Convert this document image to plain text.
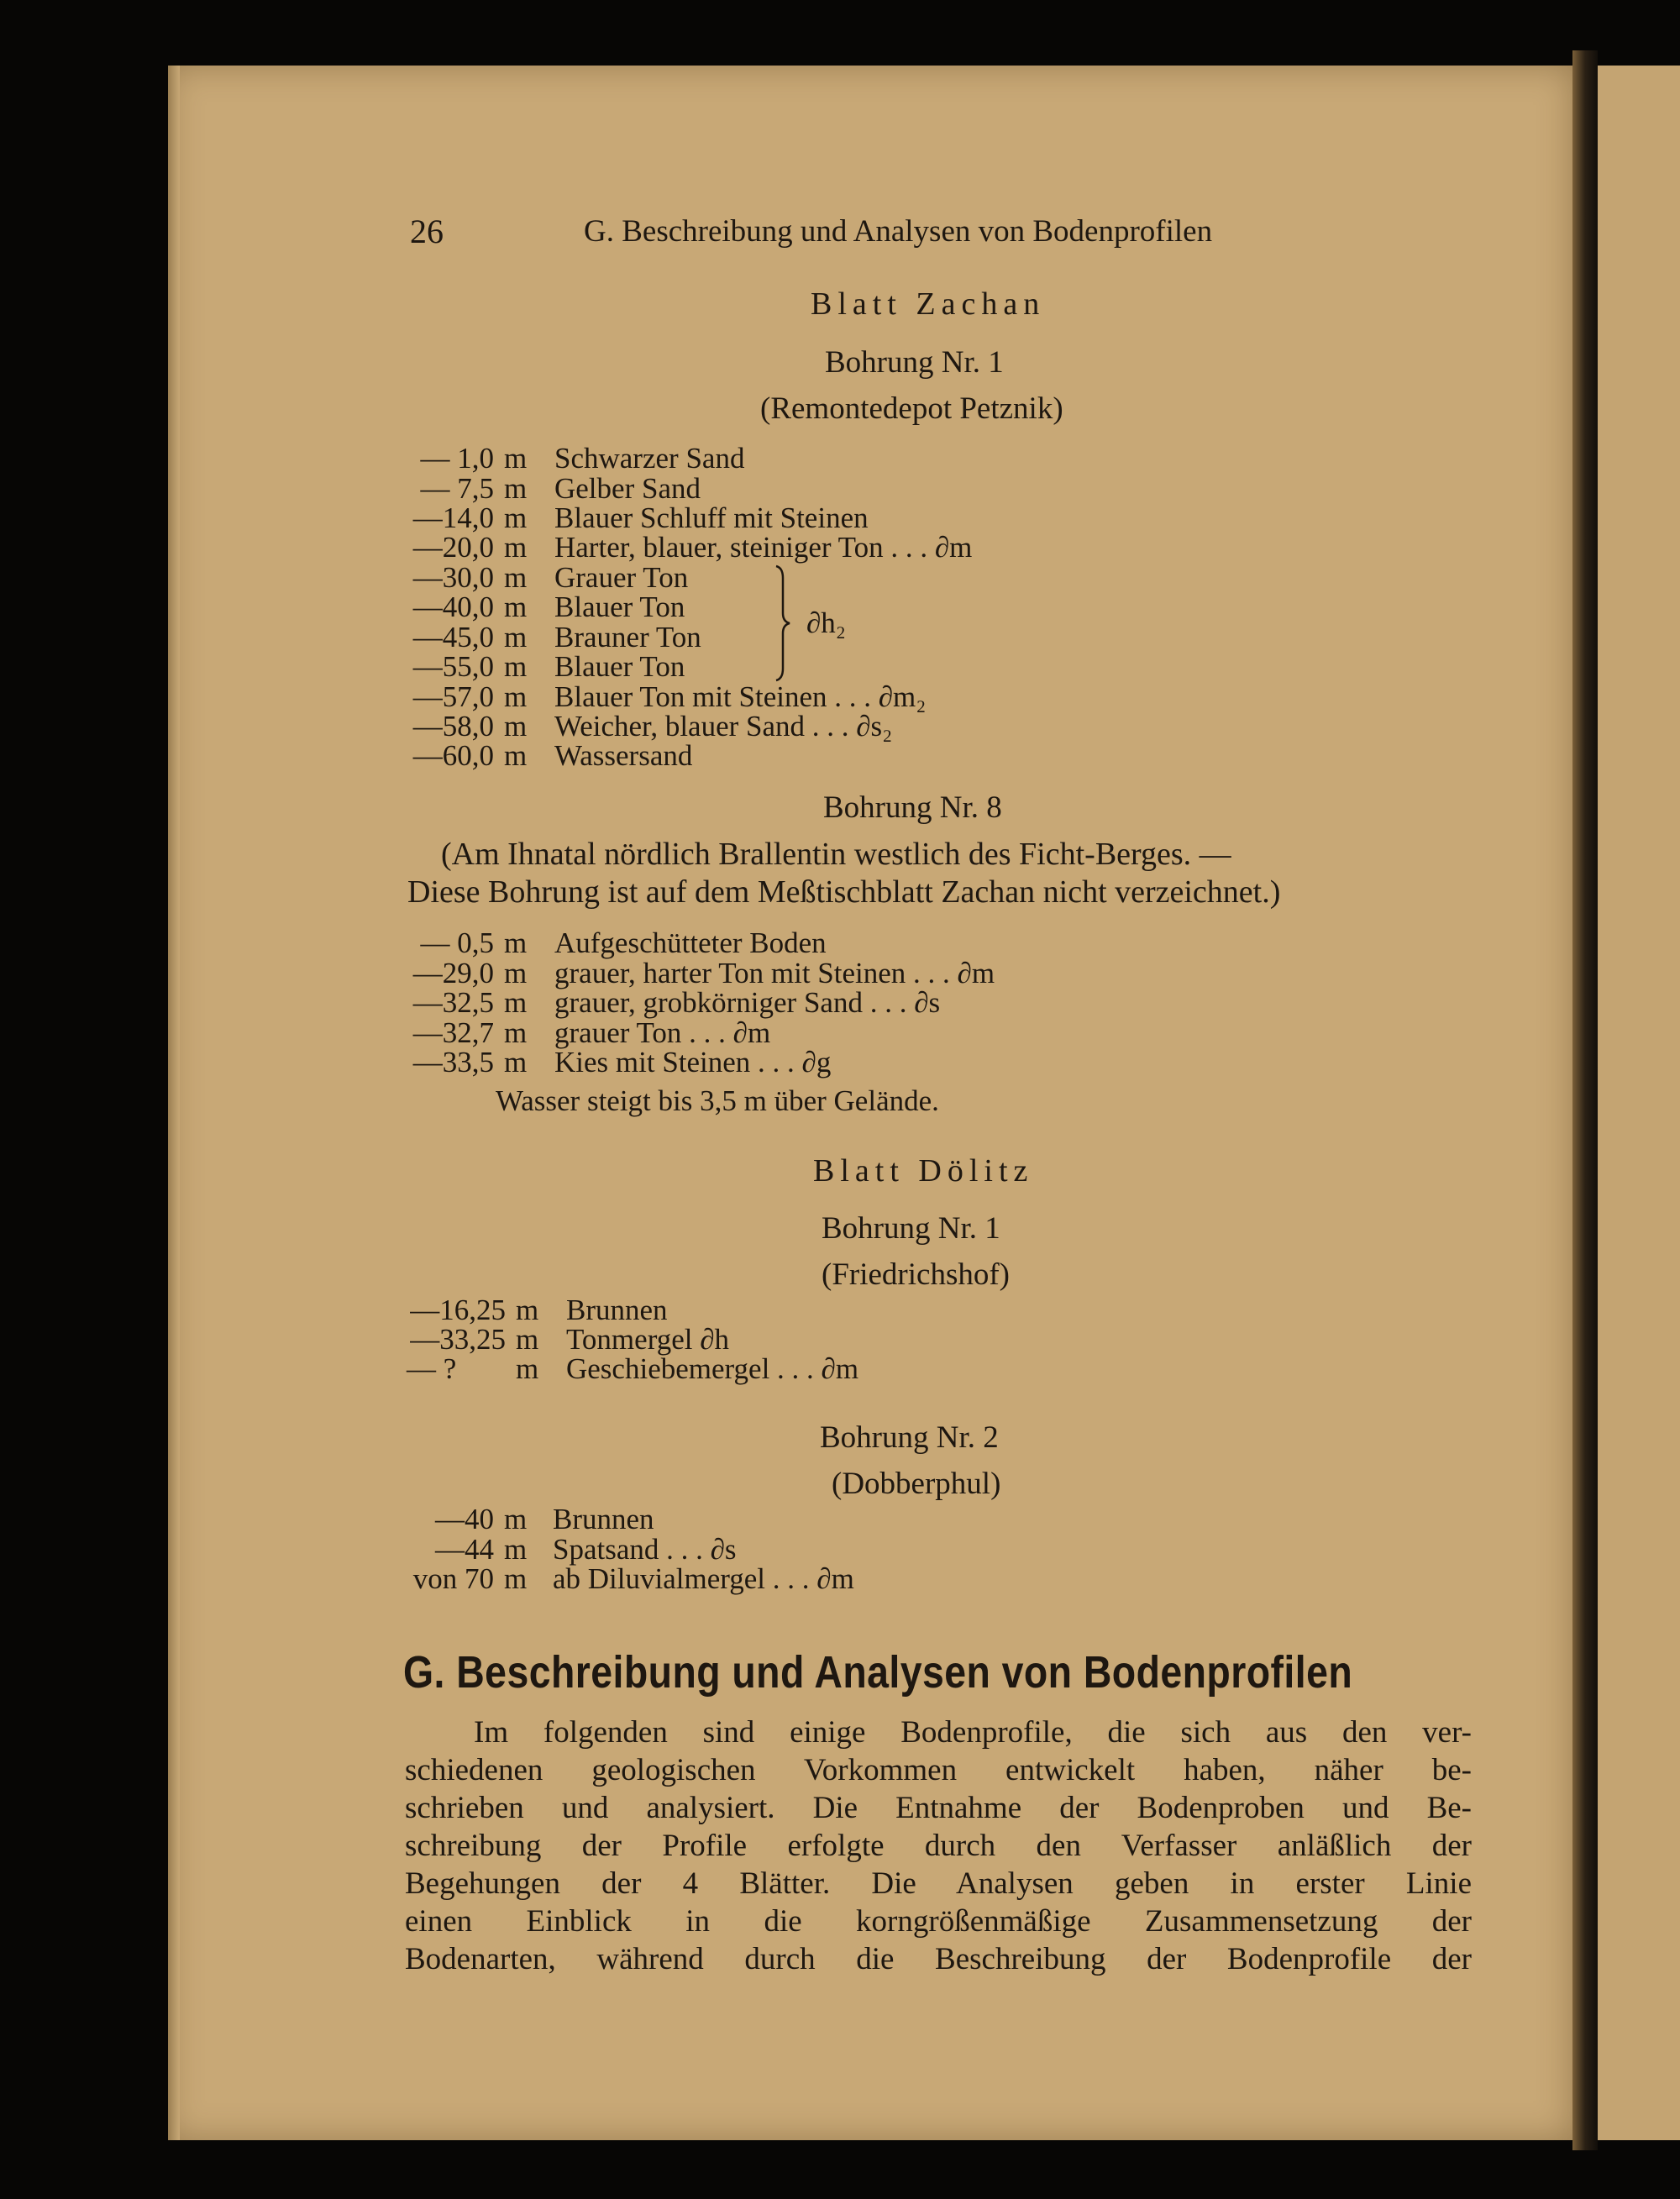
26	G. Beschreibung und Analysen von Bodenprofilen
Blatt Zachan
Bohrung Nr. 1
(Remontedepot Petznik)
— 1,0 m Schwarzer Sand
— 7,5 m Gelber Sand
—14,0 m Blauer Schluff mit Steinen
—20,0 m Harter, blauer, steiniger Ton . . . ∂m
—30,0 m Grauer Ton
—40,0 m Blauer Ton
—45,0 m Brauner Ton
—55,0 m Blauer Ton
—57,0 m Blauer Ton mit Steinen . . . ∂m₂
—58,0 m Weicher, blauer Sand . . . ∂s₂
—60,0 m Wassersand
∂h₂
Bohrung Nr. 8
(Am Ihnatal nördlich Brallentin westlich des Ficht-Berges. —
Diese Bohrung ist auf dem Meßtischblatt Zachan nicht verzeichnet.)
— 0,5 m Aufgeschütteter Boden
—29,0 m grauer, harter Ton mit Steinen . . . ∂m
—32,5 m grauer, grobkörniger Sand . . . ∂s
—32,7 m grauer Ton . . . ∂m
—33,5 m Kies mit Steinen . . . ∂g
Wasser steigt bis 3,5 m über Gelände.
Blatt Dölitz
Bohrung Nr. 1
(Friedrichshof)
—16,25 m Brunnen
—33,25 m Tonmergel ∂h
— ? m Geschiebemergel . . . ∂m
Bohrung Nr. 2
(Dobberphul)
—40 m Brunnen
—44 m Spatsand . . . ∂s
von 70 m ab Diluvialmergel . . . ∂m
G. Beschreibung und Analysen von Bodenprofilen
Im folgenden sind einige Bodenprofile, die sich aus den ver-
schiedenen geologischen Vorkommen entwickelt haben, näher be-
schrieben und analysiert. Die Entnahme der Bodenproben und Be-
schreibung der Profile erfolgte durch den Verfasser anläßlich der
Begehungen der 4 Blätter. Die Analysen geben in erster Linie
einen Einblick in die korngrößenmäßige Zusammensetzung der
Bodenarten, während durch die Beschreibung der Bodenprofile der
